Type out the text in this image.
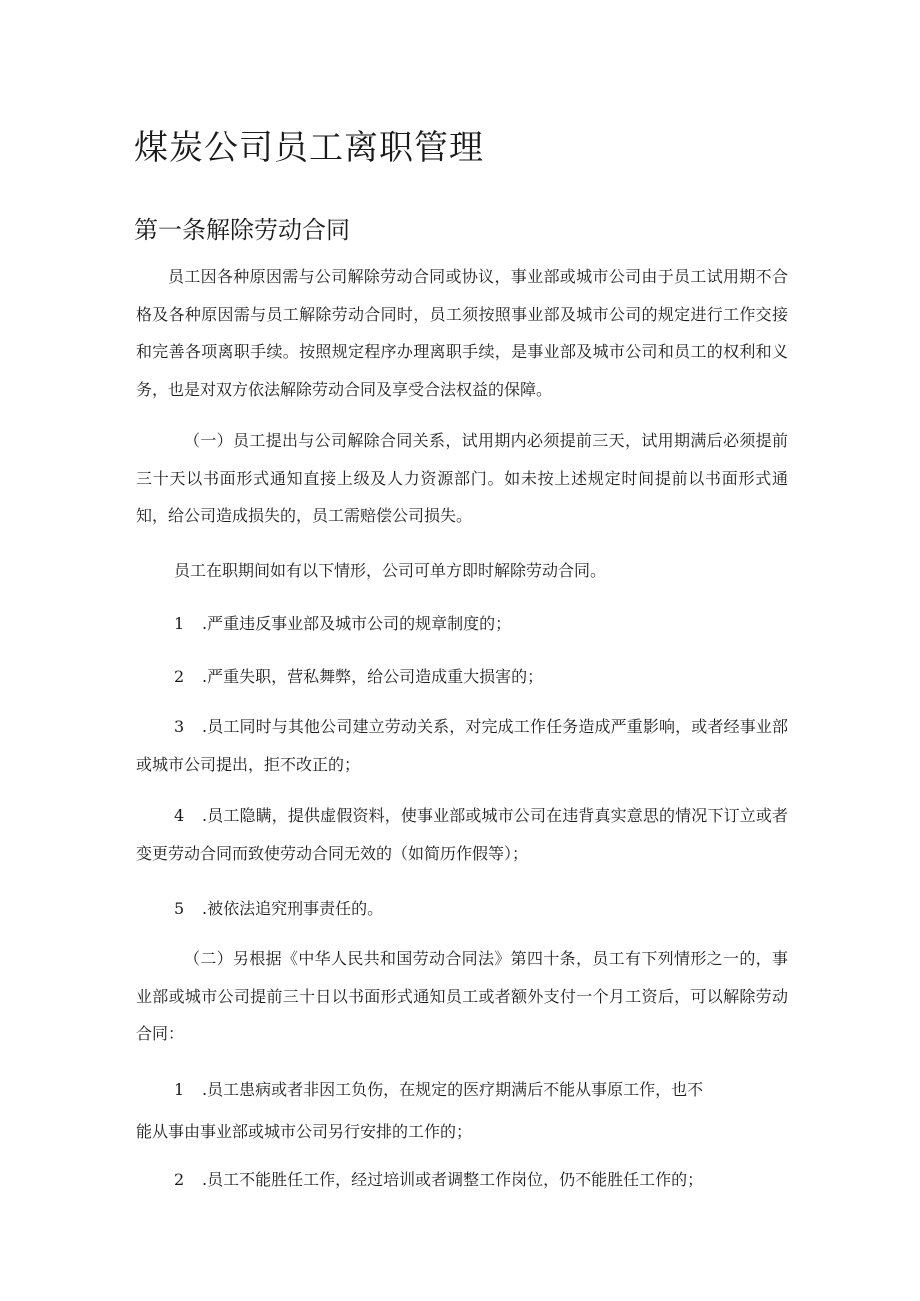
煤炭公司员工离职管理
第一条解除劳动合同

员工因各种原因需与公司解除劳动合同或协议，事业部或城市公司由于员工试用期不合格及各种原因需与员工解除劳动合同时，员工须按照事业部及城市公司的规定进行工作交接和完善各项离职手续。按照规定程序办理离职手续，是事业部及城市公司和员工的权利和义务，也是对双方依法解除劳动合同及享受合法权益的保障。

（一）员工提出与公司解除合同关系，试用期内必须提前三天，试用期满后必须提前三十天以书面形式通知直接上级及人力资源部门。如未按上述规定时间提前以书面形式通知，给公司造成损失的，员工需赔偿公司损失。

员工在职期间如有以下情形，公司可单方即时解除劳动合同。

1 .严重违反事业部及城市公司的规章制度的；

2 .严重失职，营私舞弊，给公司造成重大损害的；

3 .员工同时与其他公司建立劳动关系，对完成工作任务造成严重影响，或者经事业部或城市公司提出，拒不改正的；

4 .员工隐瞒，提供虚假资料，使事业部或城市公司在违背真实意思的情况下订立或者变更劳动合同而致使劳动合同无效的（如简历作假等）；

5 .被依法追究刑事责任的。

（二）另根据《中华人民共和国劳动合同法》第四十条，员工有下列情形之一的，事业部或城市公司提前三十日以书面形式通知员工或者额外支付一个月工资后，可以解除劳动合同：

1 .员工患病或者非因工负伤，在规定的医疗期满后不能从事原工作，也不

能从事由事业部或城市公司另行安排的工作的；

2 .员工不能胜任工作，经过培训或者调整工作岗位，仍不能胜任工作的；
